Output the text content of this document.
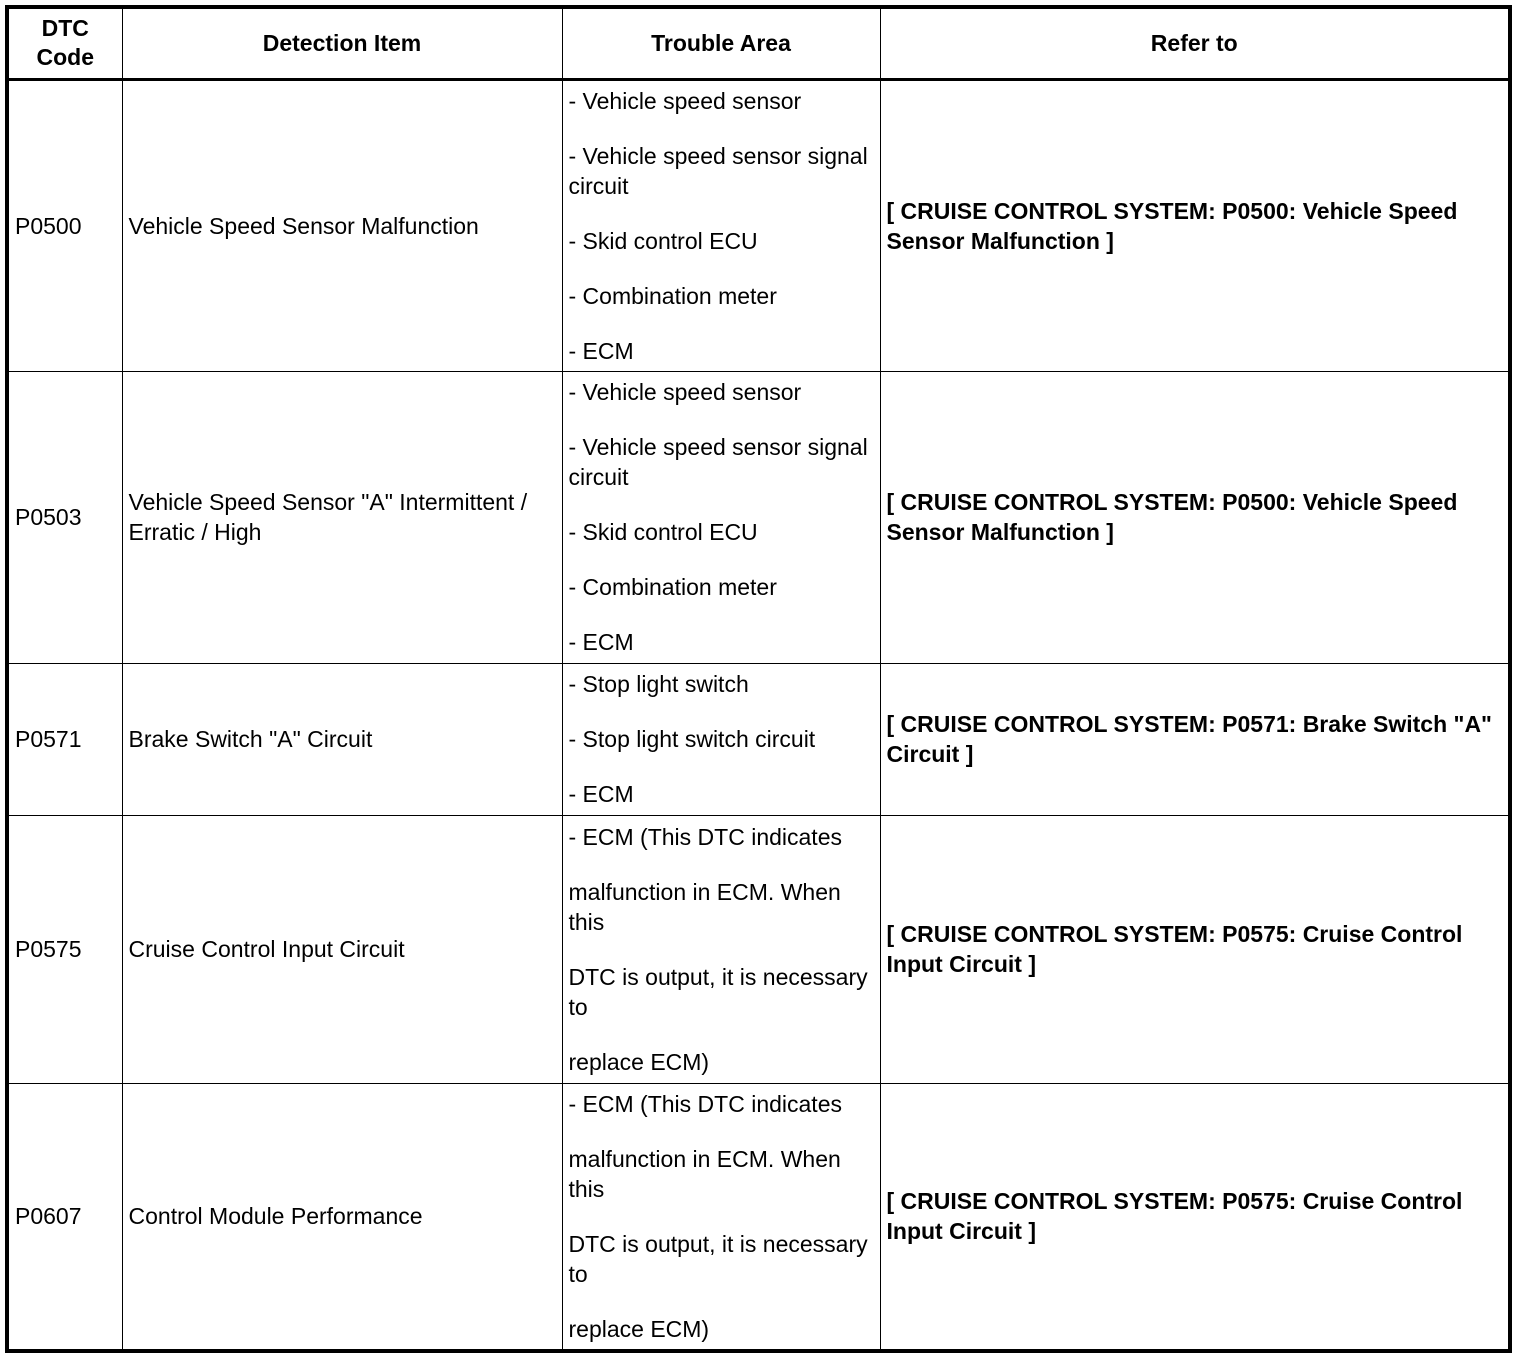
DTC
Code	Detection Item	Trouble Area	Refer to
P0500	Vehicle Speed Sensor Malfunction	- Vehicle speed sensor
- Vehicle speed sensor signal circuit
- Skid control ECU
- Combination meter
- ECM	[ CRUISE CONTROL SYSTEM: P0500: Vehicle Speed Sensor Malfunction ]
P0503	Vehicle Speed Sensor "A" Intermittent / Erratic / High	- Vehicle speed sensor
- Vehicle speed sensor signal circuit
- Skid control ECU
- Combination meter
- ECM	[ CRUISE CONTROL SYSTEM: P0500: Vehicle Speed Sensor Malfunction ]
P0571	Brake Switch "A" Circuit	- Stop light switch
- Stop light switch circuit
- ECM	[ CRUISE CONTROL SYSTEM: P0571: Brake Switch "A" Circuit ]
P0575	Cruise Control Input Circuit	- ECM (This DTC indicates
malfunction in ECM. When this
DTC is output, it is necessary to
replace ECM)	[ CRUISE CONTROL SYSTEM: P0575: Cruise Control Input Circuit ]
P0607	Control Module Performance	- ECM (This DTC indicates
malfunction in ECM. When this
DTC is output, it is necessary to
replace ECM)	[ CRUISE CONTROL SYSTEM: P0575: Cruise Control Input Circuit ]
